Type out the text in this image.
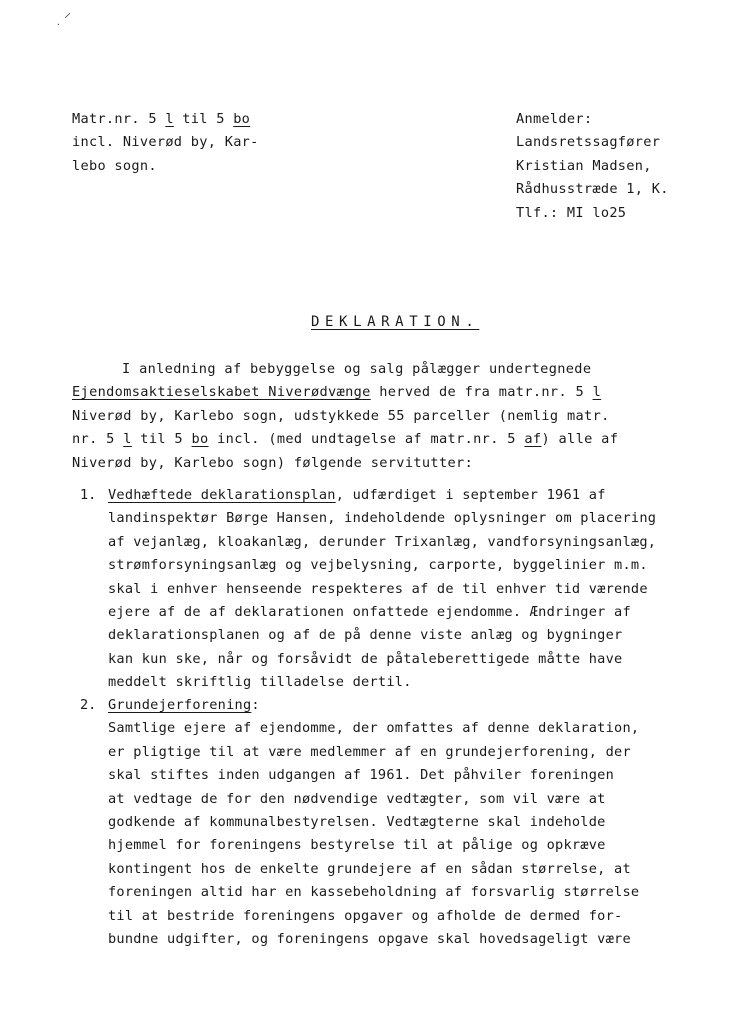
⸝
·
Matr.nr. 5 l til 5 bo
incl. Niverød by, Kar-
lebo sogn.
Anmelder:
Landsretssagfører
Kristian Madsen,
Rådhusstræde 1, K.
Tlf.: MI lo25
DEKLARATION.
I anledning af bebyggelse og salg pålægger undertegnede
Ejendomsaktieselskabet Niverødvænge herved de fra matr.nr. 5 l
Niverød by, Karlebo sogn, udstykkede 55 parceller (nemlig matr.
nr. 5 l til 5 bo incl. (med undtagelse af matr.nr. 5 af) alle af
Niverød by, Karlebo sogn) følgende servitutter:
1. Vedhæftede deklarationsplan, udfærdiget i september 1961 af
landinspektør Børge Hansen, indeholdende oplysninger om placering
af vejanlæg, kloakanlæg, derunder Trixanlæg, vandforsyningsanlæg,
strømforsyningsanlæg og vejbelysning, carporte, byggelinier m.m.
skal i enhver henseende respekteres af de til enhver tid værende
ejere af de af deklarationen onfattede ejendomme. Ændringer af
deklarationsplanen og af de på denne viste anlæg og bygninger
kan kun ske, når og forsåvidt de påtaleberettigede måtte have
meddelt skriftlig tilladelse dertil.
2. Grundejerforening:
Samtlige ejere af ejendomme, der omfattes af denne deklaration,
er pligtige til at være medlemmer af en grundejerforening, der
skal stiftes inden udgangen af 1961. Det påhviler foreningen
at vedtage de for den nødvendige vedtægter, som vil være at
godkende af kommunalbestyrelsen. Vedtægterne skal indeholde
hjemmel for foreningens bestyrelse til at pålige og opkræve
kontingent hos de enkelte grundejere af en sådan størrelse, at
foreningen altid har en kassebeholdning af forsvarlig størrelse
til at bestride foreningens opgaver og afholde de dermed for-
bundne udgifter, og foreningens opgave skal hovedsageligt være
